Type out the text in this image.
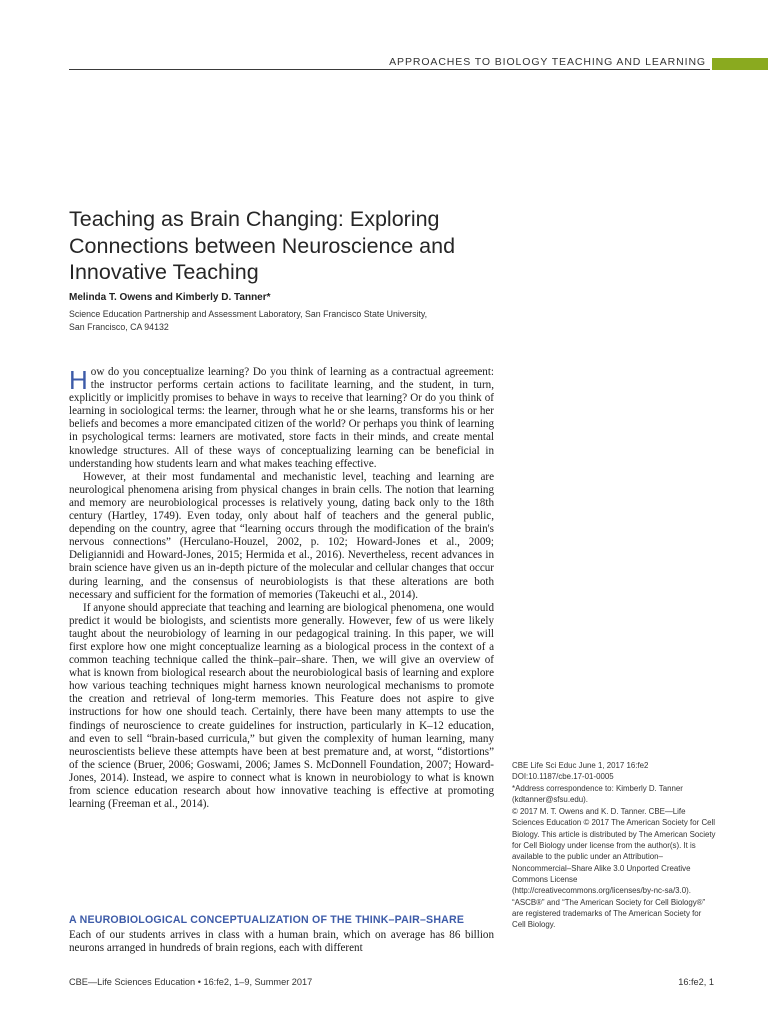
APPROACHES TO BIOLOGY TEACHING AND LEARNING
Teaching as Brain Changing: Exploring Connections between Neuroscience and Innovative Teaching
Melinda T. Owens and Kimberly D. Tanner*
Science Education Partnership and Assessment Laboratory, San Francisco State University,
San Francisco, CA 94132

How do you conceptualize learning? Do you think of learning as a contractual agreement: the instructor performs certain actions to facilitate learning, and the student, in turn, explicitly or implicitly promises to behave in ways to receive that learning? Or do you think of learning in sociological terms: the learner, through what he or she learns, transforms his or her beliefs and becomes a more emancipated citizen of the world? Or perhaps you think of learning in psychological terms: learners are motivated, store facts in their minds, and create mental knowledge structures. All of these ways of conceptualizing learning can be beneficial in understanding how students learn and what makes teaching effective.

However, at their most fundamental and mechanistic level, teaching and learning are neurological phenomena arising from physical changes in brain cells. The notion that learning and memory are neurobiological processes is relatively young, dating back only to the 18th century (Hartley, 1749). Even today, only about half of teachers and the general public, depending on the country, agree that “learning occurs through the modification of the brain's nervous connections” (Herculano-Houzel, 2002, p. 102; Howard-Jones et al., 2009; Deligiannidi and Howard-Jones, 2015; Hermida et al., 2016). Nevertheless, recent advances in brain science have given us an in-depth picture of the molecular and cellular changes that occur during learning, and the consensus of neurobiologists is that these alterations are both necessary and sufficient for the formation of memories (Takeuchi et al., 2014).

If anyone should appreciate that teaching and learning are biological phenomena, one would predict it would be biologists, and scientists more generally. However, few of us were likely taught about the neurobiology of learning in our pedagogical training. In this paper, we will first explore how one might conceptualize learning as a biological process in the context of a common teaching technique called the think–pair–share. Then, we will give an overview of what is known from biological research about the neurobiological basis of learning and explore how various teaching techniques might harness known neurological mechanisms to promote the creation and retrieval of long-term memories. This Feature does not aspire to give instructions for how one should teach. Certainly, there have been many attempts to use the findings of neuroscience to create guidelines for instruction, particularly in K–12 education, and even to sell “brain-based curricula,” but given the complexity of human learning, many neuroscientists believe these attempts have been at best premature and, at worst, “distortions” of the science (Bruer, 2006; Goswami, 2006; James S. McDonnell Foundation, 2007; Howard-Jones, 2014). Instead, we aspire to connect what is known in neurobiology to what is known from science education research about how innovative teaching is effective at promoting learning (Freeman et al., 2014).

A NEUROBIOLOGICAL CONCEPTUALIZATION OF THE THINK–PAIR–SHARE

Each of our students arrives in class with a human brain, which on average has 86 billion neurons arranged in hundreds of brain regions, each with different

CBE Life Sci Educ June 1, 2017 16:fe2
DOI:10.1187/cbe.17-01-0005
*Address correspondence to: Kimberly D. Tanner (kdtanner@sfsu.edu).
© 2017 M. T. Owens and K. D. Tanner. CBE—Life Sciences Education © 2017 The American Society for Cell Biology. This article is distributed by The American Society for Cell Biology under license from the author(s). It is available to the public under an Attribution–Noncommercial–Share Alike 3.0 Unported Creative Commons License (http://creativecommons.org/licenses/by-nc-sa/3.0).
“ASCB®” and “The American Society for Cell Biology®” are registered trademarks of The American Society for Cell Biology.
CBE—Life Sciences Education • 16:fe2, 1–9, Summer 2017	16:fe2, 1
